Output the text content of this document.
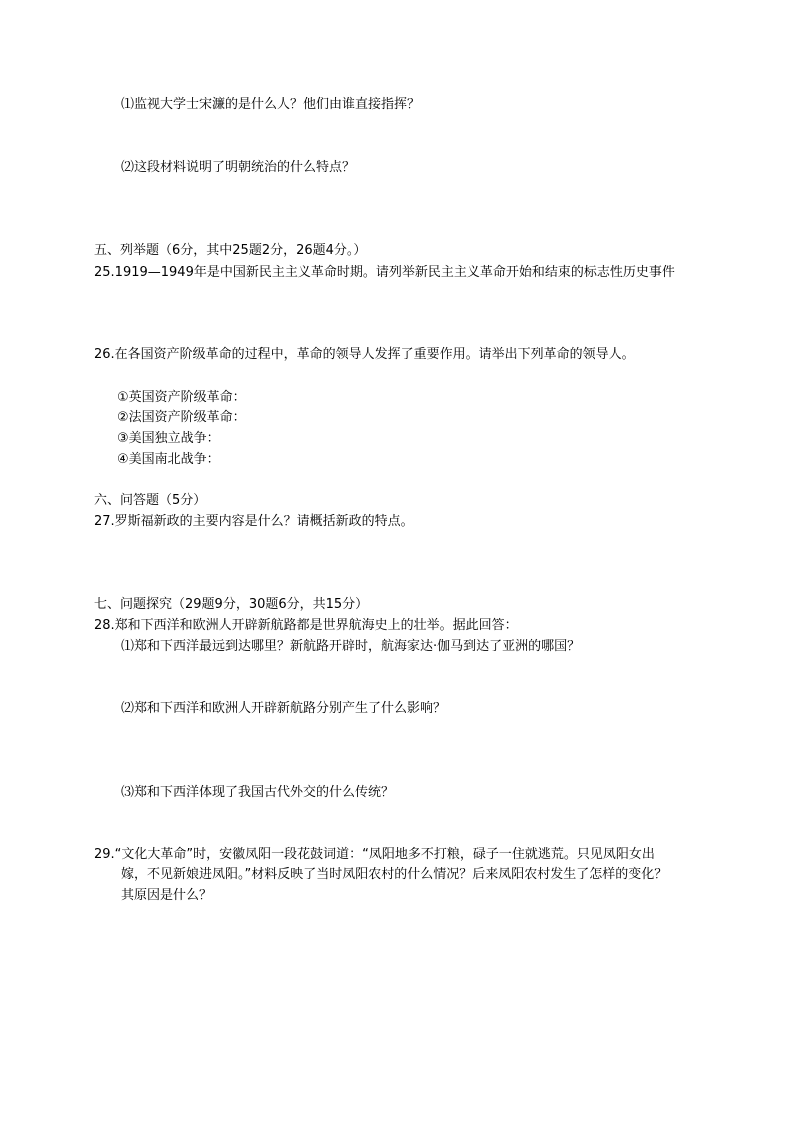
⑴监视大学士宋濂的是什么人？他们由谁直接指挥？
⑵这段材料说明了明朝统治的什么特点？
五、列举题（6分，其中25题2分，26题4分。）
25.1919—1949年是中国新民主主义革命时期。请列举新民主主义革命开始和结束的标志性历史事件
26.在各国资产阶级革命的过程中，革命的领导人发挥了重要作用。请举出下列革命的领导人。
①英国资产阶级革命：
②法国资产阶级革命：
③美国独立战争：
④美国南北战争：
六、问答题（5分）
27.罗斯福新政的主要内容是什么？请概括新政的特点。
七、问题探究（29题9分，30题6分，共15分）
28.郑和下西洋和欧洲人开辟新航路都是世界航海史上的壮举。据此回答：
⑴郑和下西洋最远到达哪里？新航路开辟时，航海家达·伽马到达了亚洲的哪国？
⑵郑和下西洋和欧洲人开辟新航路分别产生了什么影响？
⑶郑和下西洋体现了我国古代外交的什么传统？
29.“文化大革命”时，安徽凤阳一段花鼓词道：“凤阳地多不打粮，碌子一住就逃荒。只见凤阳女出
嫁，不见新娘进凤阳。”材料反映了当时凤阳农村的什么情况？后来凤阳农村发生了怎样的变化？
其原因是什么？
